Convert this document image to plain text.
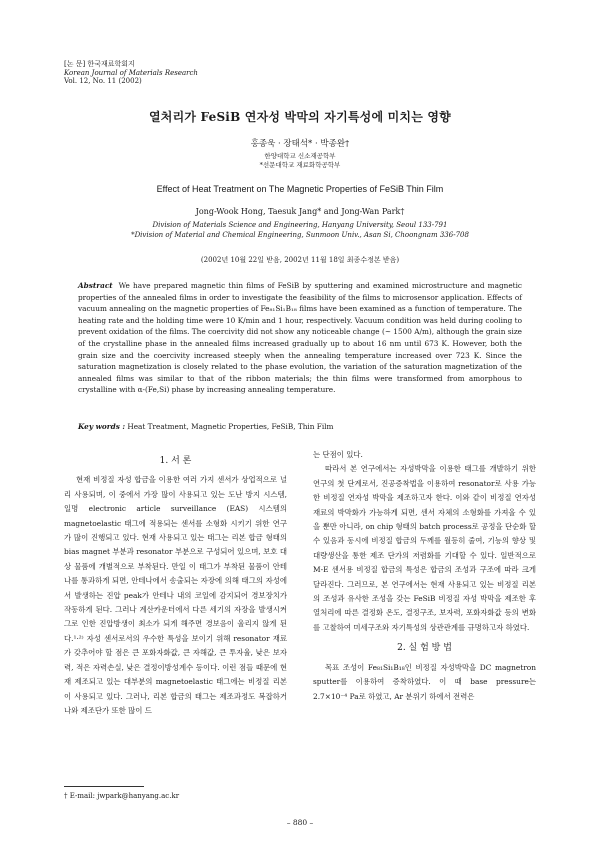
[논 문] 한국재료학회지
Korean Journal of Materials Research
Vol. 12, No. 11 (2002)
열처리가 FeSiB 연자성 박막의 자기특성에 미치는 영향
홍종욱 · 장태석* · 박종완†
한양대학교 신소재공학부
*선문대학교 재료화학공학부
Effect of Heat Treatment on The Magnetic Properties of FeSiB Thin Film
Jong-Wook Hong, Taesuk Jang* and Jong-Wan Park†
Division of Materials Science and Engineering, Hanyang University, Seoul 133-791
*Division of Material and Chemical Engineering, Sunmoon Univ., Asan Si, Choongnam 336-708
(2002년 10월 22일 받음, 2002년 11월 18일 최종수정본 받음)
Abstract We have prepared magnetic thin films of FeSiB by sputtering and examined microstructure and magnetic properties of the annealed films in order to investigate the feasibility of the films to microsensor application. Effects of vacuum annealing on the magnetic properties of Fe₈₁Si₁B₁₈ films have been examined as a function of temperature. The heating rate and the holding time were 10 K/min and 1 hour, respectively. Vacuum condition was held during cooling to prevent oxidation of the films. The coercivity did not show any noticeable change (~ 1500 A/m), although the grain size of the crystalline phase in the annealed films increased gradually up to about 16 nm until 673 K. However, both the grain size and the coercivity increased steeply when the annealing temperature increased over 723 K. Since the saturation magnetization is closely related to the phase evolution, the variation of the saturation magnetization of the annealed films was similar to that of the ribbon materials; the thin films were transformed from amorphous to crystalline with α-(Fe,Si) phase by increasing annealing temperature.
Key words : Heat Treatment, Magnetic Properties, FeSiB, Thin Film
1. 서 론

현재 비정질 자성 합금을 이용한 여러 가지 센서가 상업적으로 널리 사용되며, 이 중에서 가장 많이 사용되고 있는 도난 방지 시스템, 일명 electronic article surveillance (EAS) 시스템의 magnetoelastic 태그에 적용되는 센서를 소형화 시키기 위한 연구가 많이 진행되고 있다. 현재 사용되고 있는 태그는 리본 합금 형태의 bias magnet 부분과 resonator 부분으로 구성되어 있으며, 보호 대상 물품에 개별적으로 부착된다. 만일 이 태그가 부착된 물품이 안테나를 통과하게 되면, 안테나에서 송출되는 자장에 의해 태그의 자성에서 발생하는 진압 peak가 안테나 내의 코일에 감지되어 경보장치가 작동하게 된다. 그러나 계산카운터에서 다른 세기의 자장을 발생시켜 그로 인한 진압방생이 최소가 되게 해주면 경보음이 울리지 않게 된다.¹·²⁾ 자성 센서로서의 우수한 특성을 보이기 위해 resonator 재료가 갖추어야 할 점은 큰 포화자화값, 큰 자해값, 큰 투자율, 낮은 보자력, 적은 자력손실, 낮은 결정이방성계수 등이다. 이런 점들 때문에 현재 제조되고 있는 대부분의 magnetoelastic 태그에는 비정질 리본이 사용되고 있다. 그러나, 리본 합금의 태그는 제조과정도 복잡하거나와 제조단가 또한 많이 드

는 단점이 있다.

따라서 본 연구에서는 자성박막을 이용한 태그를 개발하기 위한 연구의 첫 단계로서, 진공증착법을 이용하여 resonator로 사용 가능한 비정질 연자성 박막을 제조하고자 한다. 이와 같이 비정질 연자성 재료의 박막화가 가능하게 되면, 센서 자체의 소형화를 가져올 수 있을 뿐만 아니라, on chip 형태의 batch process로 공정을 단순화 할 수 있음과 동시에 비정질 합금의 두께를 월등히 줄여, 기능의 향상 및 대량생산을 통한 제조 단가의 저렴화를 기대할 수 있다. 일반적으로 M-E 센서용 비정질 합금의 특성은 합금의 조성과 구조에 따라 크게 달라진다. 그러므로, 본 연구에서는 현재 사용되고 있는 비정질 리본의 조성과 유사한 조성을 갖는 FeSiB 비정질 자성 박막을 제조한 후 열처리에 따른 결정화 온도, 결정구조, 보자력, 포화자화값 등의 변화를 고찰하여 미세구조와 자기특성의 상관관계를 규명하고자 하였다.

2. 실 험 방 법

목표 조성이 Fe₈₁Si₁B₁₈인 비정질 자성박막을 DC magnetron sputter를 이용하여 증착하였다. 이 때 base pressure는 2.7×10⁻⁴ Pa로 하였고, Ar 분위기 하에서 전력은

† E-mail: jwpark@hanyang.ac.kr
– 880 –
